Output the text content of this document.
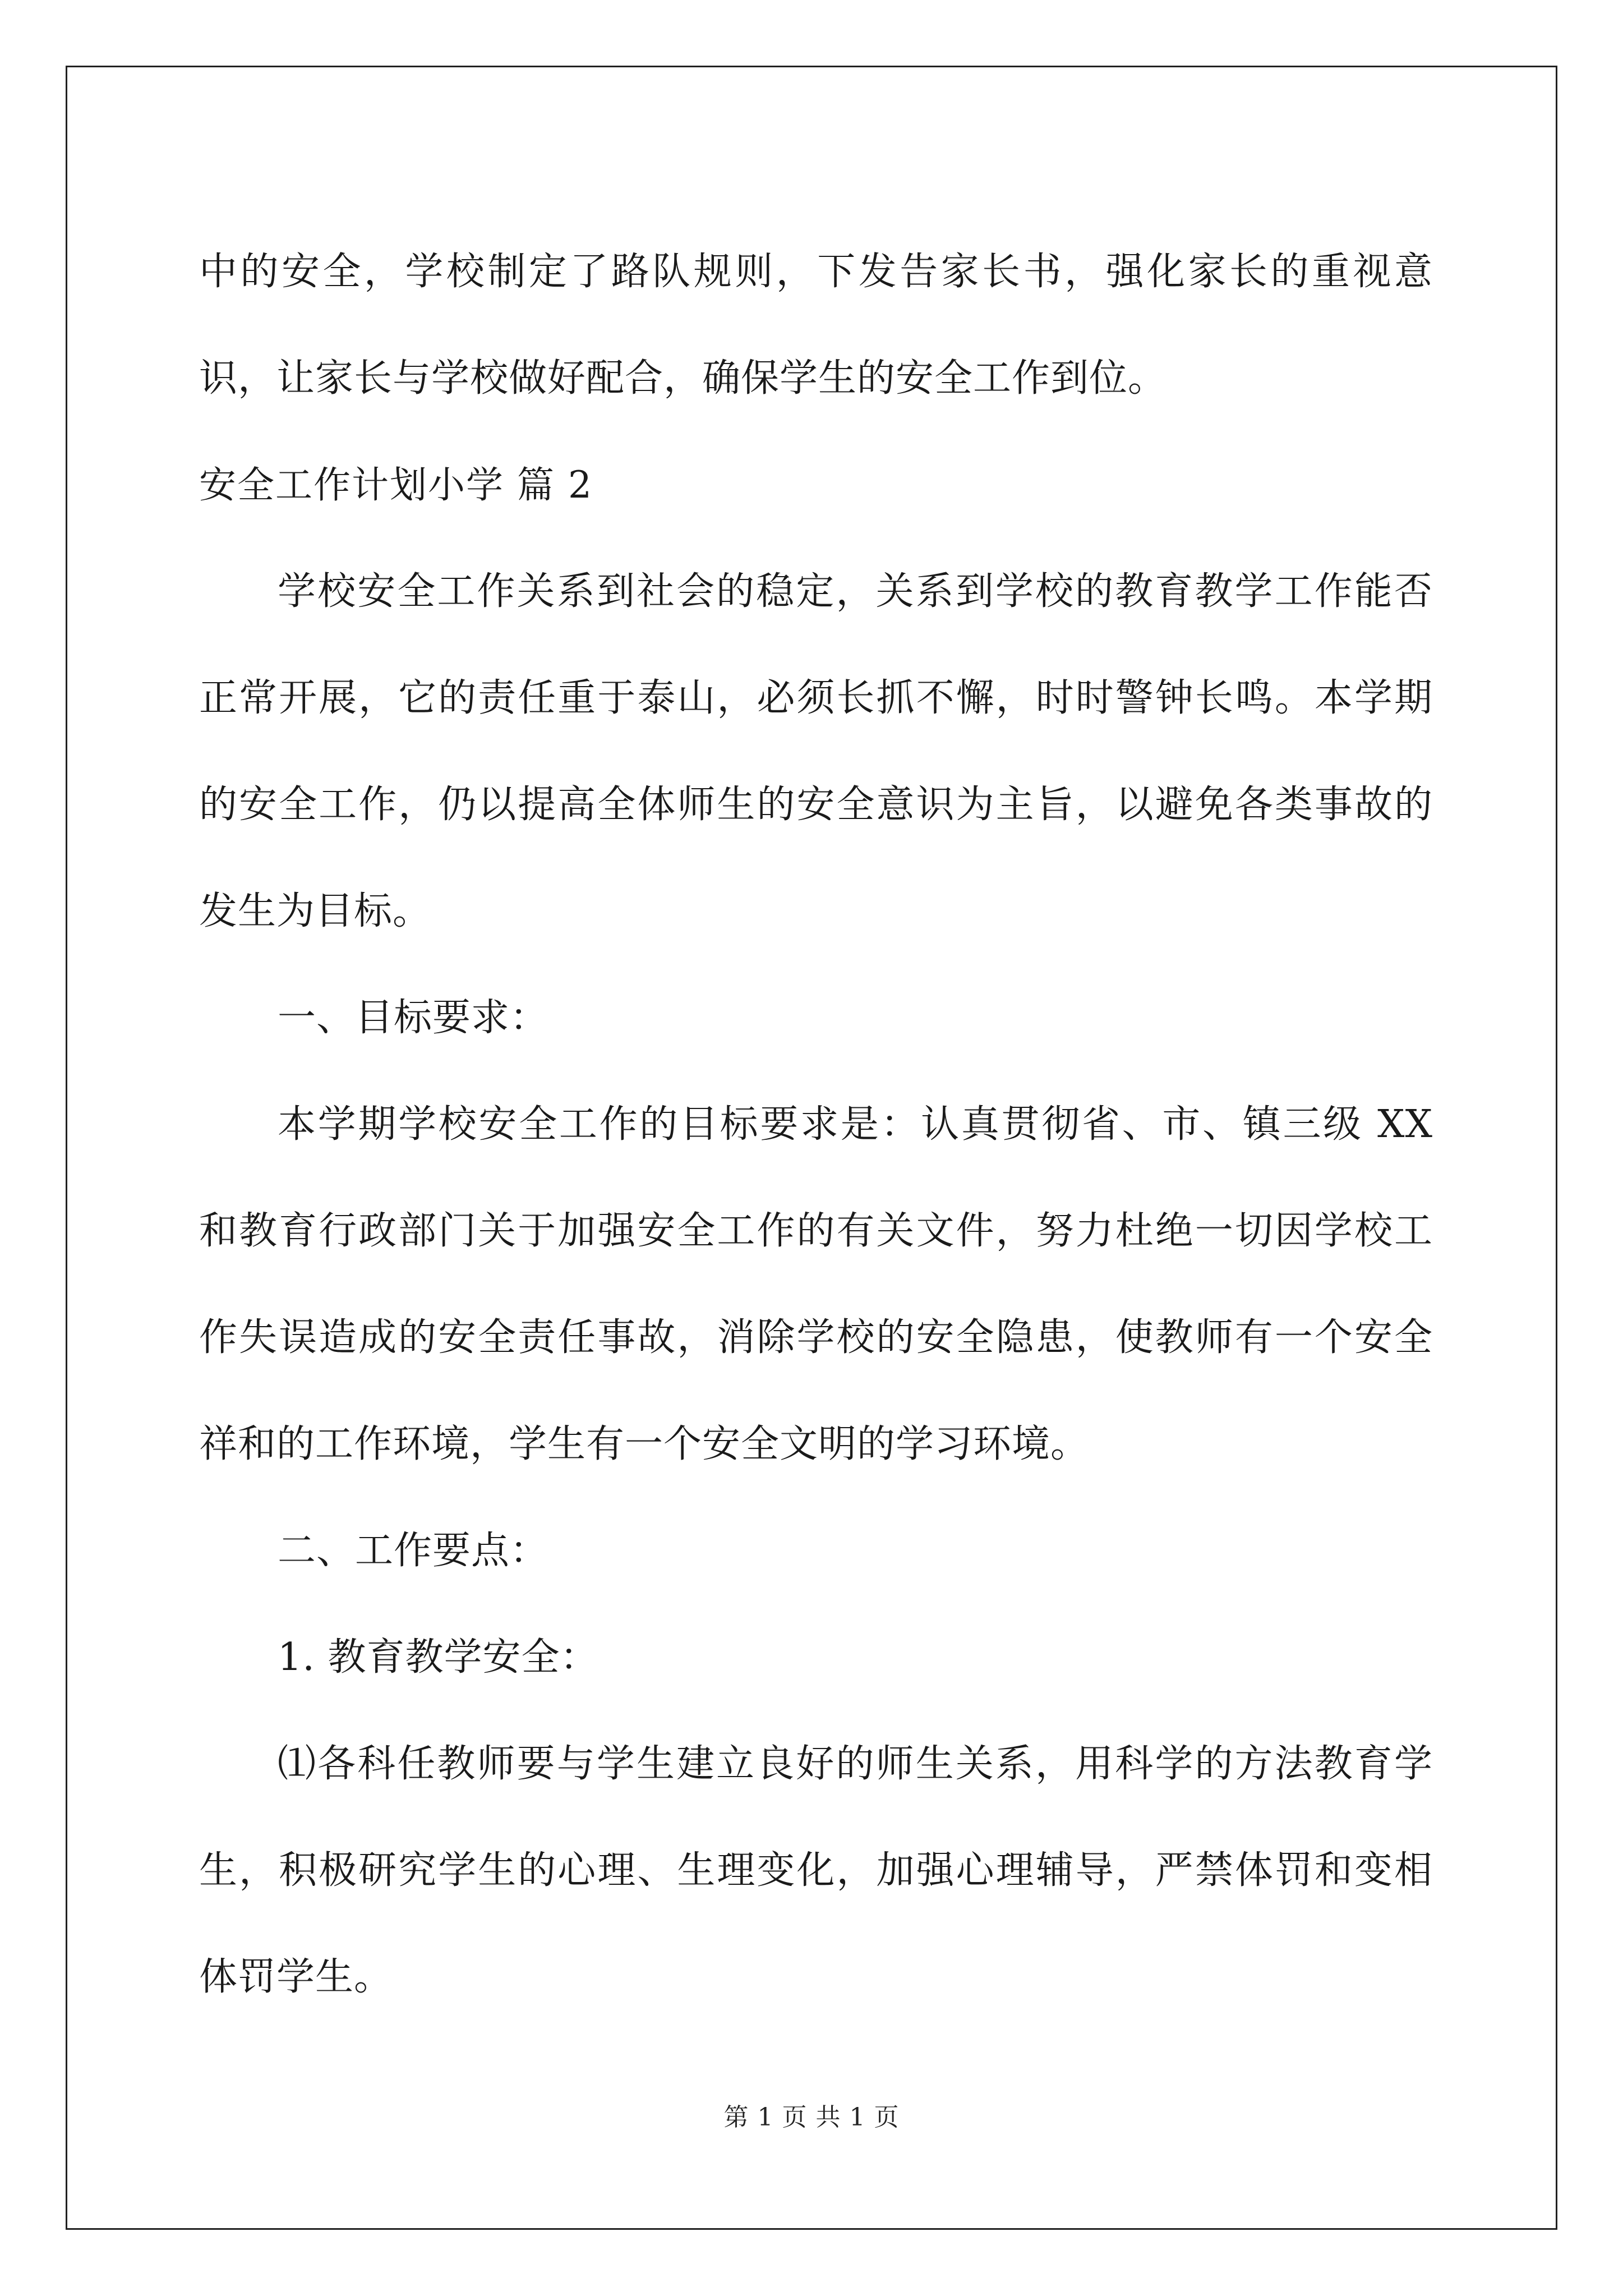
中的安全，学校制定了路队规则，下发告家长书，强化家长的重视意识，让家长与学校做好配合，确保学生的安全工作到位。

安全工作计划小学 篇 2

学校安全工作关系到社会的稳定，关系到学校的教育教学工作能否正常开展，它的责任重于泰山，必须长抓不懈，时时警钟长鸣。本学期的安全工作，仍以提高全体师生的安全意识为主旨，以避免各类事故的发生为目标。

一、目标要求：

本学期学校安全工作的目标要求是：认真贯彻省、市、镇三级 XX 和教育行政部门关于加强安全工作的有关文件，努力杜绝一切因学校工作失误造成的安全责任事故，消除学校的安全隐患，使教师有一个安全祥和的工作环境，学生有一个安全文明的学习环境。

二、工作要点：

1. 教育教学安全：

⑴各科任教师要与学生建立良好的师生关系，用科学的方法教育学生，积极研究学生的心理、生理变化，加强心理辅导，严禁体罚和变相体罚学生。

第 1 页 共 1 页
